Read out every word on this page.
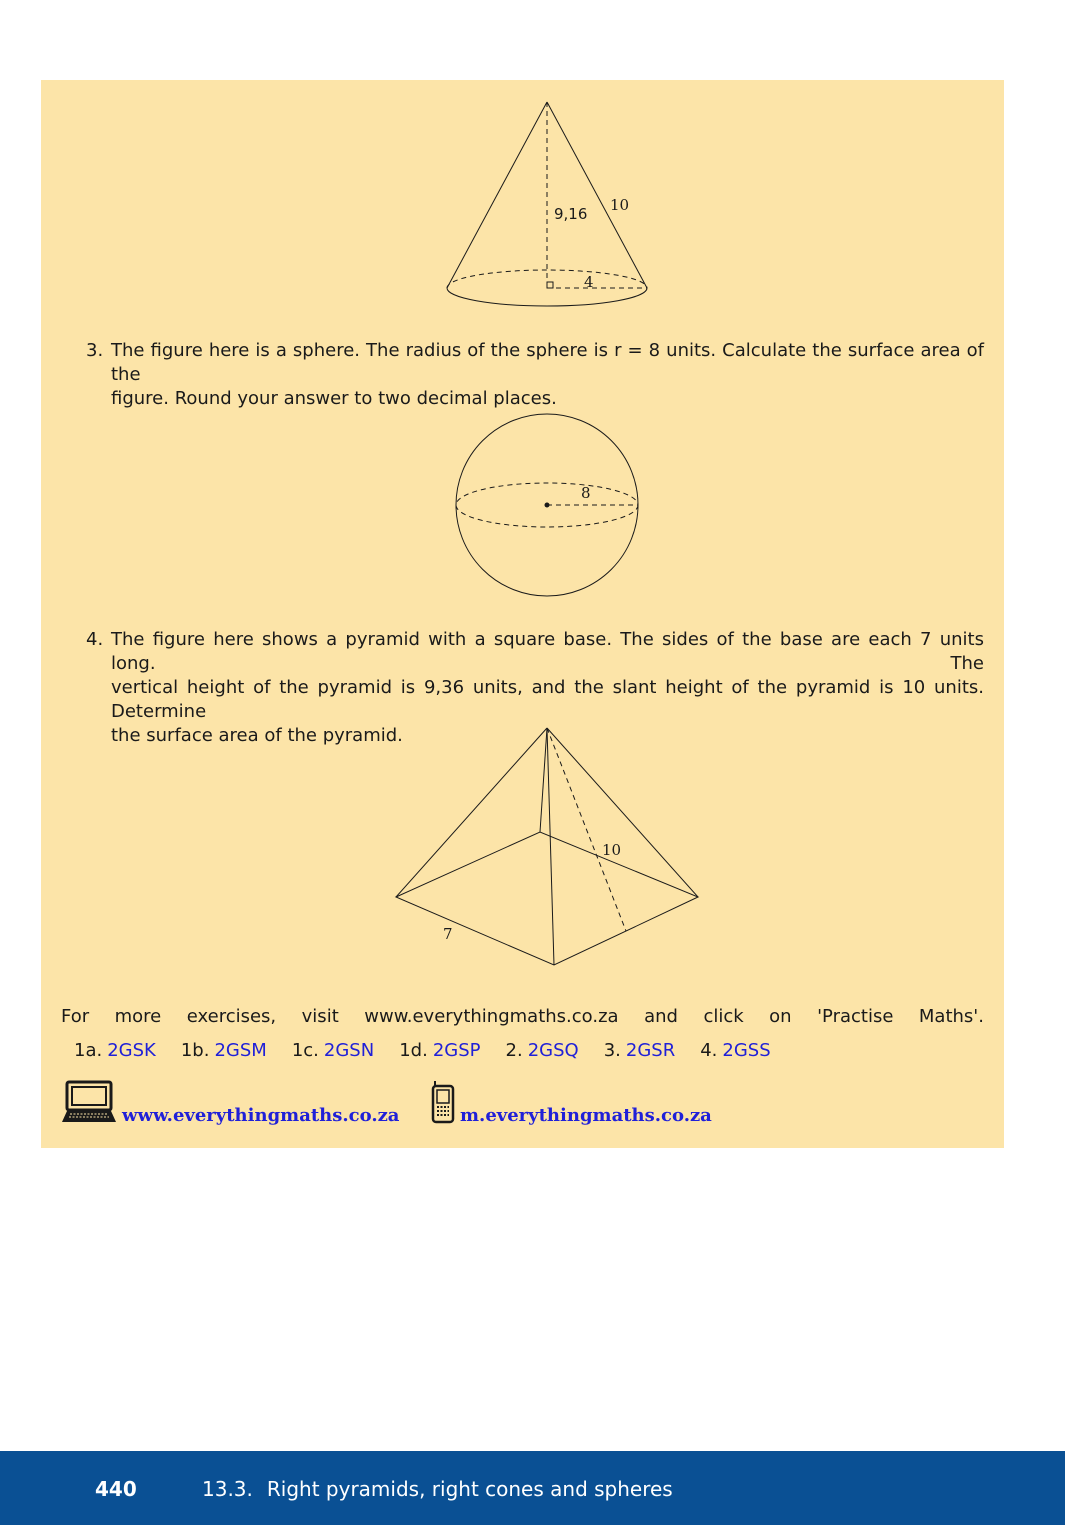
9,16 10
4
3. The figure here is a sphere. The radius of the sphere is r = 8 units. Calculate the surface area of the
figure. Round your answer to two decimal places.
8
4. The figure here shows a pyramid with a square base. The sides of the base are each 7 units long. The
vertical height of the pyramid is 9,36 units, and the slant height of the pyramid is 10 units. Determine
the surface area of the pyramid.
10
7
For more exercises, visit www.everythingmaths.co.za and click on 'Practise Maths'.
1a. 2GSK 1b. 2GSM 1c. 2GSN 1d. 2GSP 2. 2GSQ 3. 2GSR 4. 2GSS
www.everythingmaths.co.za	m.everythingmaths.co.za
440	13.3. Right pyramids, right cones and spheres
